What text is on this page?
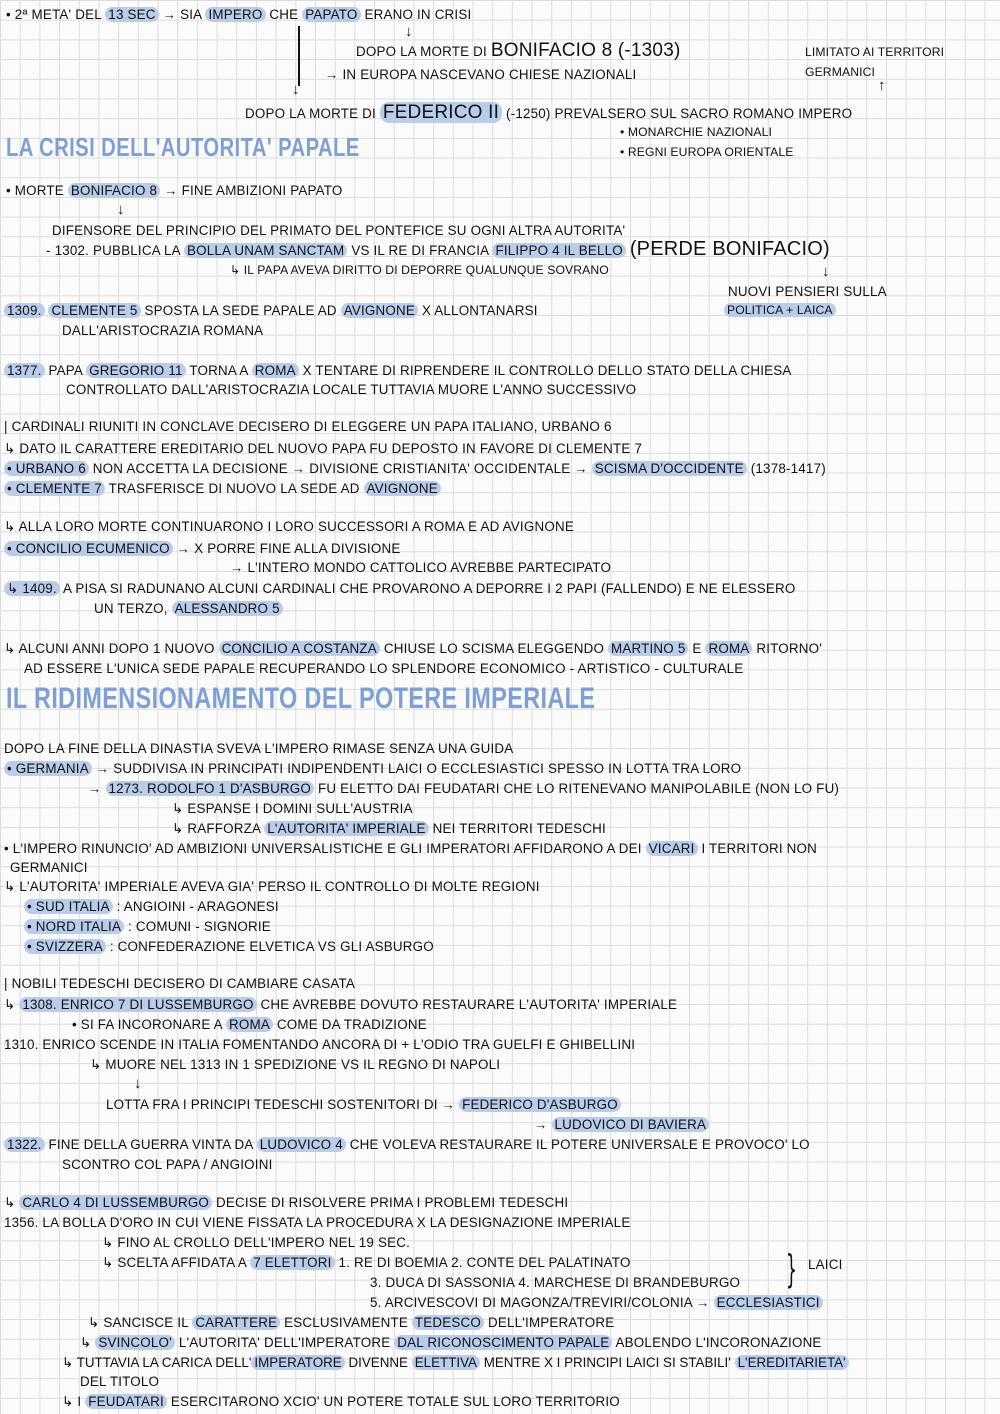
• 2ª META' DEL 13 SEC → SIA IMPERO CHE PAPATO ERANO IN CRISI

↓
↓

DOPO LA MORTE DI BONIFACIO 8 (-1303)	LIMITATO AI TERRITORI

→ IN EUROPA NASCEVANO CHIESE NAZIONALI	GERMANICI

↑

DOPO LA MORTE DI FEDERICO II (-1250) PREVALSERO SUL SACRO ROMANO IMPERO

• MONARCHIE NAZIONALI

• REGNI EUROPA ORIENTALE

LA CRISI DELL'AUTORITA' PAPALE

• MORTE BONIFACIO 8 → FINE AMBIZIONI PAPATO

↓

DIFENSORE DEL PRINCIPIO DEL PRIMATO DEL PONTEFICE SU OGNI ALTRA AUTORITA'

- 1302. PUBBLICA LA BOLLA UNAM SANCTAM VS IL RE DI FRANCIA FILIPPO 4 IL BELLO (PERDE BONIFACIO)

↳ IL PAPA AVEVA DIRITTO DI DEPORRE QUALUNQUE SOVRANO	↓

NUOVI PENSIERI SULLA

POLITICA + LAICA

1309. CLEMENTE 5 SPOSTA LA SEDE PAPALE AD AVIGNONE X ALLONTANARSI

DALL'ARISTOCRAZIA ROMANA

1377. PAPA GREGORIO 11 TORNA A ROMA X TENTARE DI RIPRENDERE IL CONTROLLO DELLO STATO DELLA CHIESA

CONTROLLATO DALL'ARISTOCRAZIA LOCALE TUTTAVIA MUORE L'ANNO SUCCESSIVO

| CARDINALI RIUNITI IN CONCLAVE DECISERO DI ELEGGERE UN PAPA ITALIANO, URBANO 6

↳ DATO IL CARATTERE EREDITARIO DEL NUOVO PAPA FU DEPOSTO IN FAVORE DI CLEMENTE 7

• URBANO 6 NON ACCETTA LA DECISIONE → DIVISIONE CRISTIANITA' OCCIDENTALE → SCISMA D'OCCIDENTE (1378-1417)

• CLEMENTE 7 TRASFERISCE DI NUOVO LA SEDE AD AVIGNONE

↳ ALLA LORO MORTE CONTINUARONO I LORO SUCCESSORI A ROMA E AD AVIGNONE

• CONCILIO ECUMENICO → X PORRE FINE ALLA DIVISIONE

→ L'INTERO MONDO CATTOLICO AVREBBE PARTECIPATO

↳ 1409. A PISA SI RADUNANO ALCUNI CARDINALI CHE PROVARONO A DEPORRE I 2 PAPI (FALLENDO) E NE ELESSERO

UN TERZO, ALESSANDRO 5

↳ ALCUNI ANNI DOPO 1 NUOVO CONCILIO A COSTANZA CHIUSE LO SCISMA ELEGGENDO MARTINO 5 E ROMA RITORNO'

AD ESSERE L'UNICA SEDE PAPALE RECUPERANDO LO SPLENDORE ECONOMICO - ARTISTICO - CULTURALE

IL RIDIMENSIONAMENTO DEL POTERE IMPERIALE

DOPO LA FINE DELLA DINASTIA SVEVA L'IMPERO RIMASE SENZA UNA GUIDA

• GERMANIA → SUDDIVISA IN PRINCIPATI INDIPENDENTI LAICI O ECCLESIASTICI SPESSO IN LOTTA TRA LORO

→ 1273. RODOLFO 1 D'ASBURGO FU ELETTO DAI FEUDATARI CHE LO RITENEVANO MANIPOLABILE (NON LO FU)

↳ ESPANSE I DOMINI SULL'AUSTRIA

↳ RAFFORZA L'AUTORITA' IMPERIALE NEI TERRITORI TEDESCHI

• L'IMPERO RINUNCIO' AD AMBIZIONI UNIVERSALISTICHE E GLI IMPERATORI AFFIDARONO A DEI VICARI I TERRITORI NON

GERMANICI

↳ L'AUTORITA' IMPERIALE AVEVA GIA' PERSO IL CONTROLLO DI MOLTE REGIONI

• SUD ITALIA : ANGIOINI - ARAGONESI

• NORD ITALIA : COMUNI - SIGNORIE

• SVIZZERA : CONFEDERAZIONE ELVETICA VS GLI ASBURGO

| NOBILI TEDESCHI DECISERO DI CAMBIARE CASATA

↳ 1308. ENRICO 7 DI LUSSEMBURGO CHE AVREBBE DOVUTO RESTAURARE L'AUTORITA' IMPERIALE

• SI FA INCORONARE A ROMA COME DA TRADIZIONE

1310. ENRICO SCENDE IN ITALIA FOMENTANDO ANCORA DI + L'ODIO TRA GUELFI E GHIBELLINI

↳ MUORE NEL 1313 IN 1 SPEDIZIONE VS IL REGNO DI NAPOLI

↓

LOTTA FRA I PRINCIPI TEDESCHI SOSTENITORI DI → FEDERICO D'ASBURGO

→ LUDOVICO DI BAVIERA

1322. FINE DELLA GUERRA VINTA DA LUDOVICO 4 CHE VOLEVA RESTAURARE IL POTERE UNIVERSALE E PROVOCO' LO

SCONTRO COL PAPA / ANGIOINI

↳ CARLO 4 DI LUSSEMBURGO DECISE DI RISOLVERE PRIMA I PROBLEMI TEDESCHI

1356. LA BOLLA D'ORO IN CUI VIENE FISSATA LA PROCEDURA X LA DESIGNAZIONE IMPERIALE

↳ FINO AL CROLLO DELL'IMPERO NEL 19 SEC.

↳ SCELTA AFFIDATA A 7 ELETTORI 1. RE DI BOEMIA 2. CONTE DEL PALATINATO	} LAICI

3. DUCA DI SASSONIA 4. MARCHESE DI BRANDEBURGO

5. ARCIVESCOVI DI MAGONZA/TREVIRI/COLONIA → ECCLESIASTICI

↳ SANCISCE IL CARATTERE ESCLUSIVAMENTE TEDESCO DELL'IMPERATORE

↳ SVINCOLO' L'AUTORITA' DELL'IMPERATORE DAL RICONOSCIMENTO PAPALE ABOLENDO L'INCORONAZIONE

↳ TUTTAVIA LA CARICA DELL' IMPERATORE DIVENNE ELETTIVA MENTRE X I PRINCIPI LAICI SI STABILI' L'EREDITARIETA'

DEL TITOLO

↳ I FEUDATARI ESERCITARONO XCIO' UN POTERE TOTALE SUL LORO TERRITORIO
